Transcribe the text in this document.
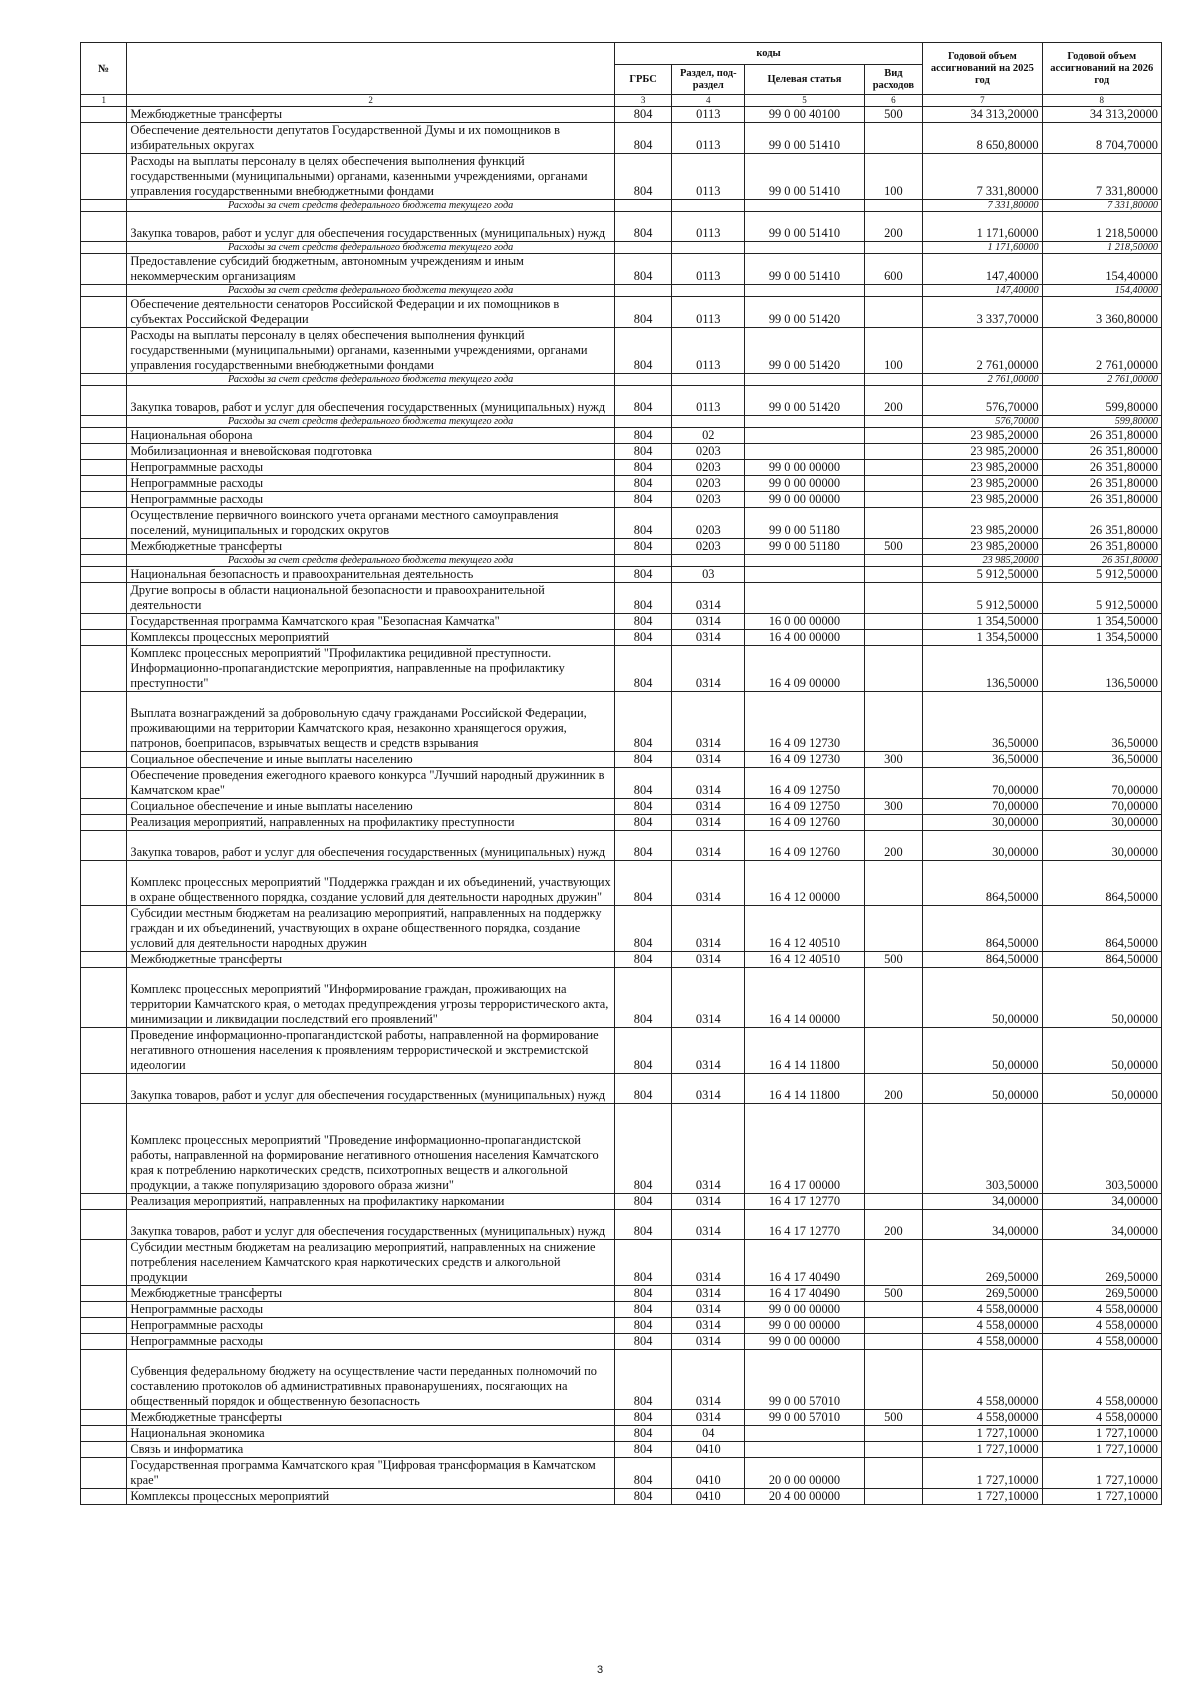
№		коды				Годовой объем ассигнований на 2025 год	Годовой объем ассигнований на 2026 год
		ГРБС	Раздел, под-раздел	Целевая статья	Вид расходов		
1	2	3	4	5	6	7	8
	Межбюджетные трансферты	804	0113	99 0 00 40100	500	34 313,20000	34 313,20000
	Обеспечение деятельности депутатов Государственной Думы и их помощников в избирательных округах	804	0113	99 0 00 51410		8 650,80000	8 704,70000
	Расходы на выплаты персоналу в целях обеспечения выполнения функций государственными (муниципальными) органами, казенными учреждениями, органами управления государственными внебюджетными фондами	804	0113	99 0 00 51410	100	7 331,80000	7 331,80000
	Расходы за счет средств федерального бюджета текущего года					7 331,80000	7 331,80000
	Закупка товаров, работ и услуг для обеспечения государственных (муниципальных) нужд	804	0113	99 0 00 51410	200	1 171,60000	1 218,50000
	Расходы за счет средств федерального бюджета текущего года					1 171,60000	1 218,50000
	Предоставление субсидий бюджетным, автономным учреждениям и иным некоммерческим организациям	804	0113	99 0 00 51410	600	147,40000	154,40000
	Расходы за счет средств федерального бюджета текущего года					147,40000	154,40000
	Обеспечение деятельности сенаторов Российской Федерации и их помощников в субъектах Российской Федерации	804	0113	99 0 00 51420		3 337,70000	3 360,80000
	Расходы на выплаты персоналу в целях обеспечения выполнения функций государственными (муниципальными) органами, казенными учреждениями, органами управления государственными внебюджетными фондами	804	0113	99 0 00 51420	100	2 761,00000	2 761,00000
	Расходы за счет средств федерального бюджета текущего года					2 761,00000	2 761,00000
	Закупка товаров, работ и услуг для обеспечения государственных (муниципальных) нужд	804	0113	99 0 00 51420	200	576,70000	599,80000
	Расходы за счет средств федерального бюджета текущего года					576,70000	599,80000
	Национальная оборона	804	02			23 985,20000	26 351,80000
	Мобилизационная и вневойсковая подготовка	804	0203			23 985,20000	26 351,80000
	Непрограммные расходы	804	0203	99 0 00 00000		23 985,20000	26 351,80000
	Непрограммные расходы	804	0203	99 0 00 00000		23 985,20000	26 351,80000
	Непрограммные расходы	804	0203	99 0 00 00000		23 985,20000	26 351,80000
	Осуществление первичного воинского учета органами местного самоуправления поселений, муниципальных и городских округов	804	0203	99 0 00 51180		23 985,20000	26 351,80000
	Межбюджетные трансферты	804	0203	99 0 00 51180	500	23 985,20000	26 351,80000
	Расходы за счет средств федерального бюджета текущего года					23 985,20000	26 351,80000
	Национальная безопасность и правоохранительная деятельность	804	03			5 912,50000	5 912,50000
	Другие вопросы в области национальной безопасности и правоохранительной деятельности	804	0314			5 912,50000	5 912,50000
	Государственная программа Камчатского края "Безопасная Камчатка"	804	0314	16 0 00 00000		1 354,50000	1 354,50000
	Комплексы процессных мероприятий	804	0314	16 4 00 00000		1 354,50000	1 354,50000
	Комплекс процессных мероприятий "Профилактика рецидивной преступности. Информационно-пропагандистские мероприятия, направленные на профилактику преступности"	804	0314	16 4 09 00000		136,50000	136,50000
	Выплата вознаграждений за добровольную сдачу гражданами Российской Федерации, проживающими на территории Камчатского края, незаконно хранящегося оружия, патронов, боеприпасов, взрывчатых веществ и средств взрывания	804	0314	16 4 09 12730		36,50000	36,50000
	Социальное обеспечение и иные выплаты населению	804	0314	16 4 09 12730	300	36,50000	36,50000
	Обеспечение проведения ежегодного краевого конкурса "Лучший народный дружинник в Камчатском крае"	804	0314	16 4 09 12750		70,00000	70,00000
	Социальное обеспечение и иные выплаты населению	804	0314	16 4 09 12750	300	70,00000	70,00000
	Реализация мероприятий, направленных на профилактику преступности	804	0314	16 4 09 12760		30,00000	30,00000
	Закупка товаров, работ и услуг для обеспечения государственных (муниципальных) нужд	804	0314	16 4 09 12760	200	30,00000	30,00000
	Комплекс процессных мероприятий "Поддержка граждан и их объединений, участвующих в охране общественного порядка, создание условий для деятельности народных дружин"	804	0314	16 4 12 00000		864,50000	864,50000
	Субсидии местным бюджетам на реализацию мероприятий, направленных на поддержку граждан и их объединений, участвующих в охране общественного порядка, создание условий для деятельности народных дружин	804	0314	16 4 12 40510		864,50000	864,50000
	Межбюджетные трансферты	804	0314	16 4 12 40510	500	864,50000	864,50000
	Комплекс процессных мероприятий "Информирование граждан, проживающих на территории Камчатского края, о методах предупреждения угрозы террористического акта, минимизации и ликвидации последствий его проявлений"	804	0314	16 4 14 00000		50,00000	50,00000
	Проведение информационно-пропагандистской работы, направленной на формирование негативного отношения населения к проявлениям террористической и экстремистской идеологии	804	0314	16 4 14 11800		50,00000	50,00000
	Закупка товаров, работ и услуг для обеспечения государственных (муниципальных) нужд	804	0314	16 4 14 11800	200	50,00000	50,00000
	Комплекс процессных мероприятий "Проведение информационно-пропагандистской работы, направленной на формирование негативного отношения населения Камчатского края к потреблению наркотических средств, психотропных веществ и алкогольной продукции, а также популяризацию здорового образа жизни"	804	0314	16 4 17 00000		303,50000	303,50000
	Реализация мероприятий, направленных на профилактику наркомании	804	0314	16 4 17 12770		34,00000	34,00000
	Закупка товаров, работ и услуг для обеспечения государственных (муниципальных) нужд	804	0314	16 4 17 12770	200	34,00000	34,00000
	Субсидии местным бюджетам на реализацию мероприятий, направленных на снижение потребления населением Камчатского края наркотических средств и алкогольной продукции	804	0314	16 4 17 40490		269,50000	269,50000
	Межбюджетные трансферты	804	0314	16 4 17 40490	500	269,50000	269,50000
	Непрограммные расходы	804	0314	99 0 00 00000		4 558,00000	4 558,00000
	Непрограммные расходы	804	0314	99 0 00 00000		4 558,00000	4 558,00000
	Непрограммные расходы	804	0314	99 0 00 00000		4 558,00000	4 558,00000
	Субвенция федеральному бюджету на осуществление части переданных полномочий по составлению протоколов об административных правонарушениях, посягающих на общественный порядок и общественную безопасность	804	0314	99 0 00 57010		4 558,00000	4 558,00000
	Межбюджетные трансферты	804	0314	99 0 00 57010	500	4 558,00000	4 558,00000
	Национальная экономика	804	04			1 727,10000	1 727,10000
	Связь и информатика	804	0410			1 727,10000	1 727,10000
	Государственная программа Камчатского края "Цифровая трансформация в Камчатском крае"	804	0410	20 0 00 00000		1 727,10000	1 727,10000
	Комплексы процессных мероприятий	804	0410	20 4 00 00000		1 727,10000	1 727,10000
3
